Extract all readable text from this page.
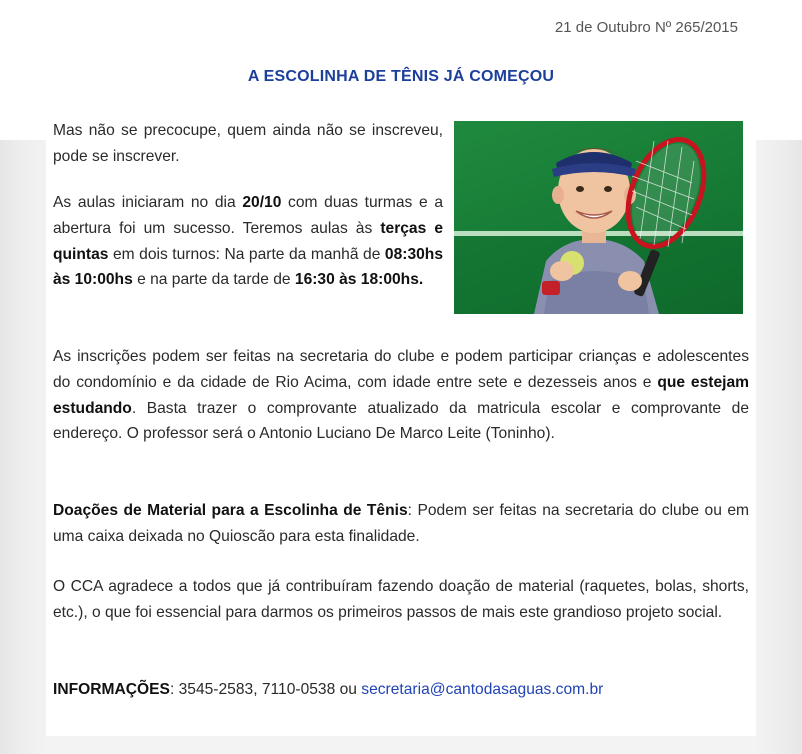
21 de Outubro Nº 265/2015
A ESCOLINHA DE TÊNIS JÁ COMEÇOU

Mas não se precocupe, quem ainda não se inscreveu, pode se inscrever.

As aulas iniciaram no dia 20/10 com duas turmas e a abertura foi um sucesso. Teremos aulas às terças e quintas em dois turnos: Na parte da manhã de 08:30hs às 10:00hs e na parte da tarde de 16:30 às 18:00hs.

As inscrições podem ser feitas na secretaria do clube e podem participar crianças e adolescentes do condomínio e da cidade de Rio Acima, com idade entre sete e dezesseis anos e que estejam estudando. Basta trazer o comprovante atualizado da matricula escolar e comprovante de endereço. O professor será o Antonio Luciano De Marco Leite (Toninho).

Doações de Material para a Escolinha de Tênis: Podem ser feitas na secretaria do clube ou em uma caixa deixada no Quioscão para esta finalidade.

O CCA agradece a todos que já contribuíram fazendo doação de material (raquetes, bolas, shorts, etc.), o que foi essencial para darmos os primeiros passos de mais este grandioso projeto social.

INFORMAÇÕES: 3545-2583, 7110-0538 ou secretaria@cantodasaguas.com.br
